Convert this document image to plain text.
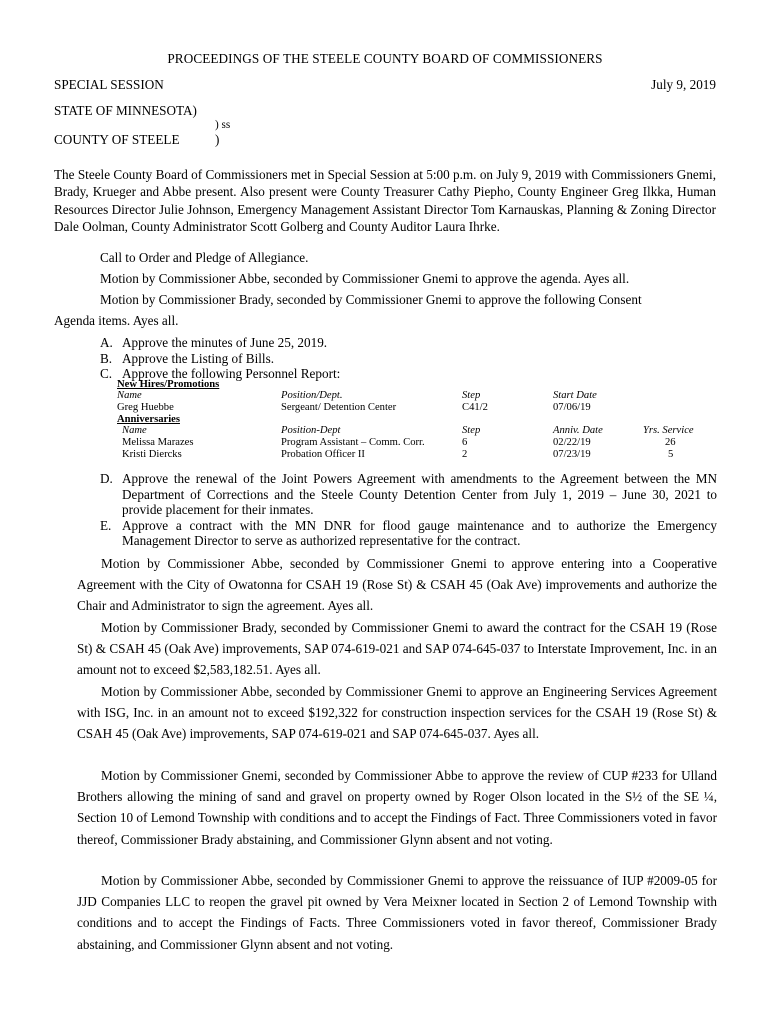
PROCEEDINGS OF THE STEELE COUNTY BOARD OF COMMISSIONERS
SPECIAL SESSION	July 9, 2019
STATE OF MINNESOTA)
) ss
COUNTY OF STEELE	)
The Steele County Board of Commissioners met in Special Session at 5:00 p.m. on July 9, 2019 with Commissioners Gnemi, Brady, Krueger and Abbe present. Also present were County Treasurer Cathy Piepho, County Engineer Greg Ilkka, Human Resources Director Julie Johnson, Emergency Management Assistant Director Tom Karnauskas, Planning & Zoning Director Dale Oolman, County Administrator Scott Golberg and County Auditor Laura Ihrke.
Call to Order and Pledge of Allegiance.
Motion by Commissioner Abbe, seconded by Commissioner Gnemi to approve the agenda. Ayes all.
Motion by Commissioner Brady, seconded by Commissioner Gnemi to approve the following Consent
Agenda items. Ayes all.
A. Approve the minutes of June 25, 2019.
B. Approve the Listing of Bills.
C. Approve the following Personnel Report:
New Hires/Promotions
Name	Position/Dept.	Step	Start Date
Greg Huebbe	Sergeant/ Detention Center	C41/2	07/06/19
Anniversaries
Name	Position-Dept	Step	Anniv. Date	Yrs. Service
Melissa Marazes	Program Assistant – Comm. Corr.	6	02/22/19	26
Kristi Diercks	Probation Officer II	2	07/23/19	5
D. Approve the renewal of the Joint Powers Agreement with amendments to the Agreement between the MN Department of Corrections and the Steele County Detention Center from July 1, 2019 – June 30, 2021 to provide placement for their inmates.
E. Approve a contract with the MN DNR for flood gauge maintenance and to authorize the Emergency Management Director to serve as authorized representative for the contract.
Motion by Commissioner Abbe, seconded by Commissioner Gnemi to approve entering into a Cooperative Agreement with the City of Owatonna for CSAH 19 (Rose St) & CSAH 45 (Oak Ave) improvements and authorize the Chair and Administrator to sign the agreement. Ayes all.
Motion by Commissioner Brady, seconded by Commissioner Gnemi to award the contract for the CSAH 19 (Rose St) & CSAH 45 (Oak Ave) improvements, SAP 074-619-021 and SAP 074-645-037 to Interstate Improvement, Inc. in an amount not to exceed $2,583,182.51. Ayes all.
Motion by Commissioner Abbe, seconded by Commissioner Gnemi to approve an Engineering Services Agreement with ISG, Inc. in an amount not to exceed $192,322 for construction inspection services for the CSAH 19 (Rose St) & CSAH 45 (Oak Ave) improvements, SAP 074-619-021 and SAP 074-645-037. Ayes all.
Motion by Commissioner Gnemi, seconded by Commissioner Abbe to approve the review of CUP #233 for Ulland Brothers allowing the mining of sand and gravel on property owned by Roger Olson located in the S½ of the SE ¼, Section 10 of Lemond Township with conditions and to accept the Findings of Fact. Three Commissioners voted in favor thereof, Commissioner Brady abstaining, and Commissioner Glynn absent and not voting.
Motion by Commissioner Abbe, seconded by Commissioner Gnemi to approve the reissuance of IUP #2009-05 for JJD Companies LLC to reopen the gravel pit owned by Vera Meixner located in Section 2 of Lemond Township with conditions and to accept the Findings of Facts. Three Commissioners voted in favor thereof, Commissioner Brady abstaining, and Commissioner Glynn absent and not voting.
